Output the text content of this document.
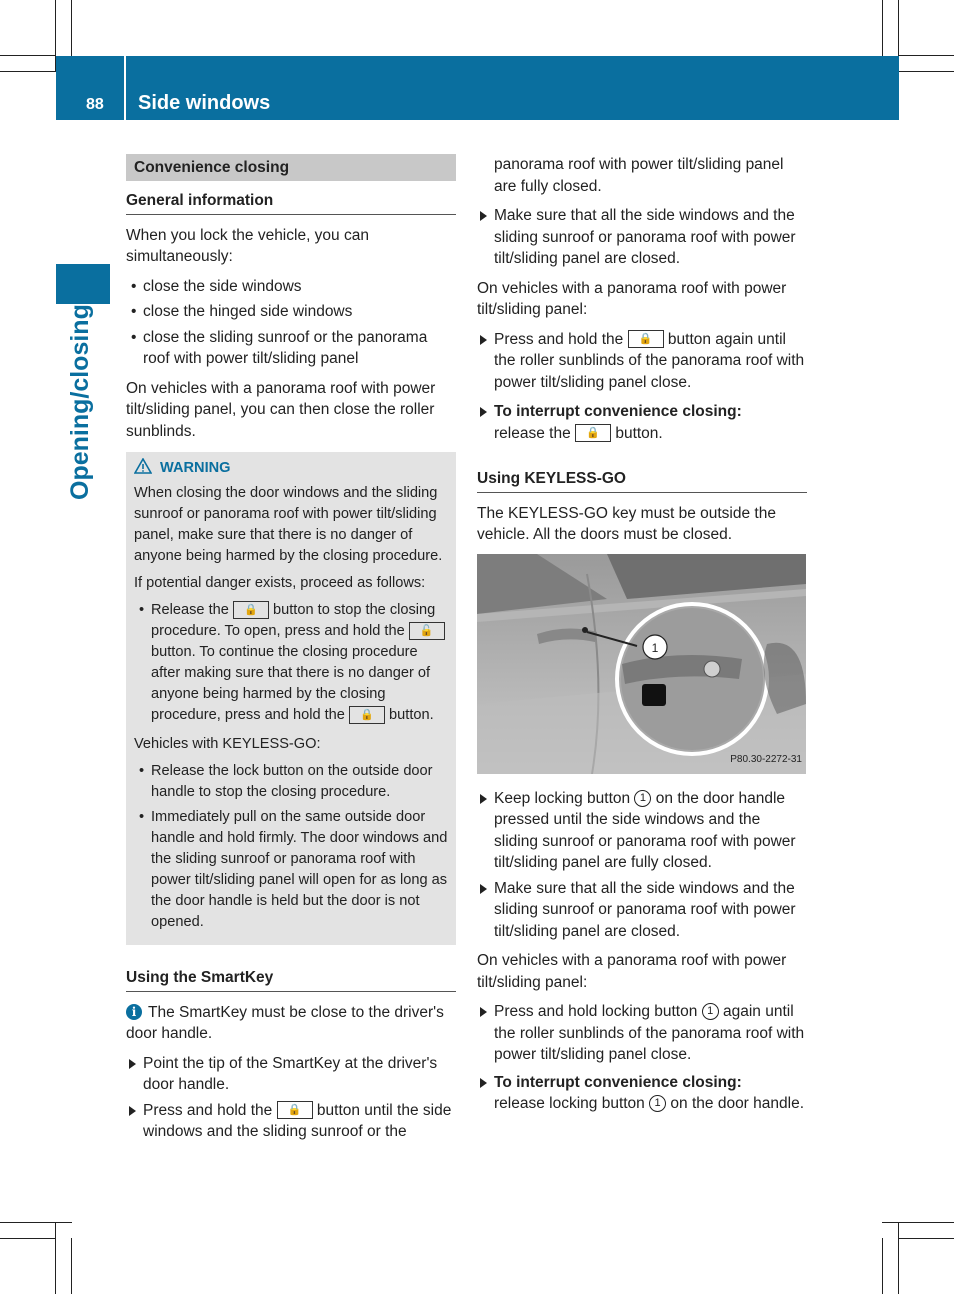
88 Side windows
Opening/closing
Convenience closing
General information

When you lock the vehicle, you can simultaneously:

• close the side windows
• close the hinged side windows
• close the sliding sunroof or the panorama roof with power tilt/sliding panel

On vehicles with a panorama roof with power tilt/sliding panel, you can then close the roller sunblinds.

WARNING

When closing the door windows and the sliding sunroof or panorama roof with power tilt/sliding panel, make sure that there is no danger of anyone being harmed by the closing procedure.

If potential danger exists, proceed as follows:

• Release the 🔒 button to stop the closing procedure. To open, press and hold the 🔓 button. To continue the closing procedure after making sure that there is no danger of anyone being harmed by the closing procedure, press and hold the 🔒 button.

Vehicles with KEYLESS-GO:

• Release the lock button on the outside door handle to stop the closing procedure.
• Immediately pull on the same outside door handle and hold firmly. The door windows and the sliding sunroof or panorama roof with power tilt/sliding panel will open for as long as the door handle is held but the door is not opened.
Using the SmartKey

i The SmartKey must be close to the driver's door handle.

Point the tip of the SmartKey at the driver's door handle.
Press and hold the 🔒 button until the side windows and the sliding sunroof or the

panorama roof with power tilt/sliding panel are fully closed.

Make sure that all the side windows and the sliding sunroof or panorama roof with power tilt/sliding panel are closed.

On vehicles with a panorama roof with power tilt/sliding panel:

Press and hold the 🔒 button again until the roller sunblinds of the panorama roof with power tilt/sliding panel close.
To interrupt convenience closing:
release the 🔒 button.
Using KEYLESS-GO

The KEYLESS-GO key must be outside the vehicle. All the doors must be closed.

1
P80.30-2272-31
Keep locking button 1 on the door handle pressed until the side windows and the sliding sunroof or panorama roof with power tilt/sliding panel are fully closed.
Make sure that all the side windows and the sliding sunroof or panorama roof with power tilt/sliding panel are closed.

On vehicles with a panorama roof with power tilt/sliding panel:

Press and hold locking button 1 again until the roller sunblinds of the panorama roof with power tilt/sliding panel close.
To interrupt convenience closing:
release locking button 1 on the door handle.
